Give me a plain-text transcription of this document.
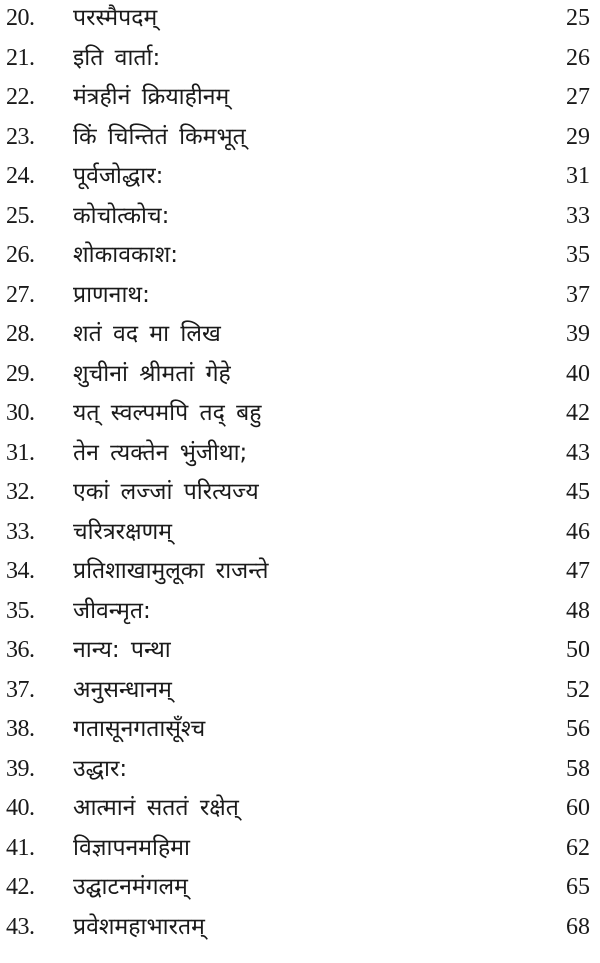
20. परस्मैपदम्	25
21. इति वार्ता:	26
22. मंत्रहीनं क्रियाहीनम्	27
23. किं चिन्तितं किमभूत्	29
24. पूर्वजोद्धार:	31
25. कोचोत्कोच:	33
26. शोकावकाश:	35
27. प्राणनाथ:	37
28. शतं वद मा लिख	39
29. शुचीनां श्रीमतां गेहे	40
30. यत् स्वल्पमपि तद् बहु	42
31. तेन त्यक्तेन भुंजीथा;	43
32. एकां लज्जां परित्यज्य	45
33. चरित्ररक्षणम्	46
34. प्रतिशाखामुलूका राजन्ते	47
35. जीवन्मृत:	48
36. नान्य: पन्था	50
37. अनुसन्धानम्	52
38. गतासूनगतासूँश्च	56
39. उद्धार:	58
40. आत्मानं सततं रक्षेत्	60
41. विज्ञापनमहिमा	62
42. उद्घाटनमंगलम्	65
43. प्रवेशमहाभारतम्	68
